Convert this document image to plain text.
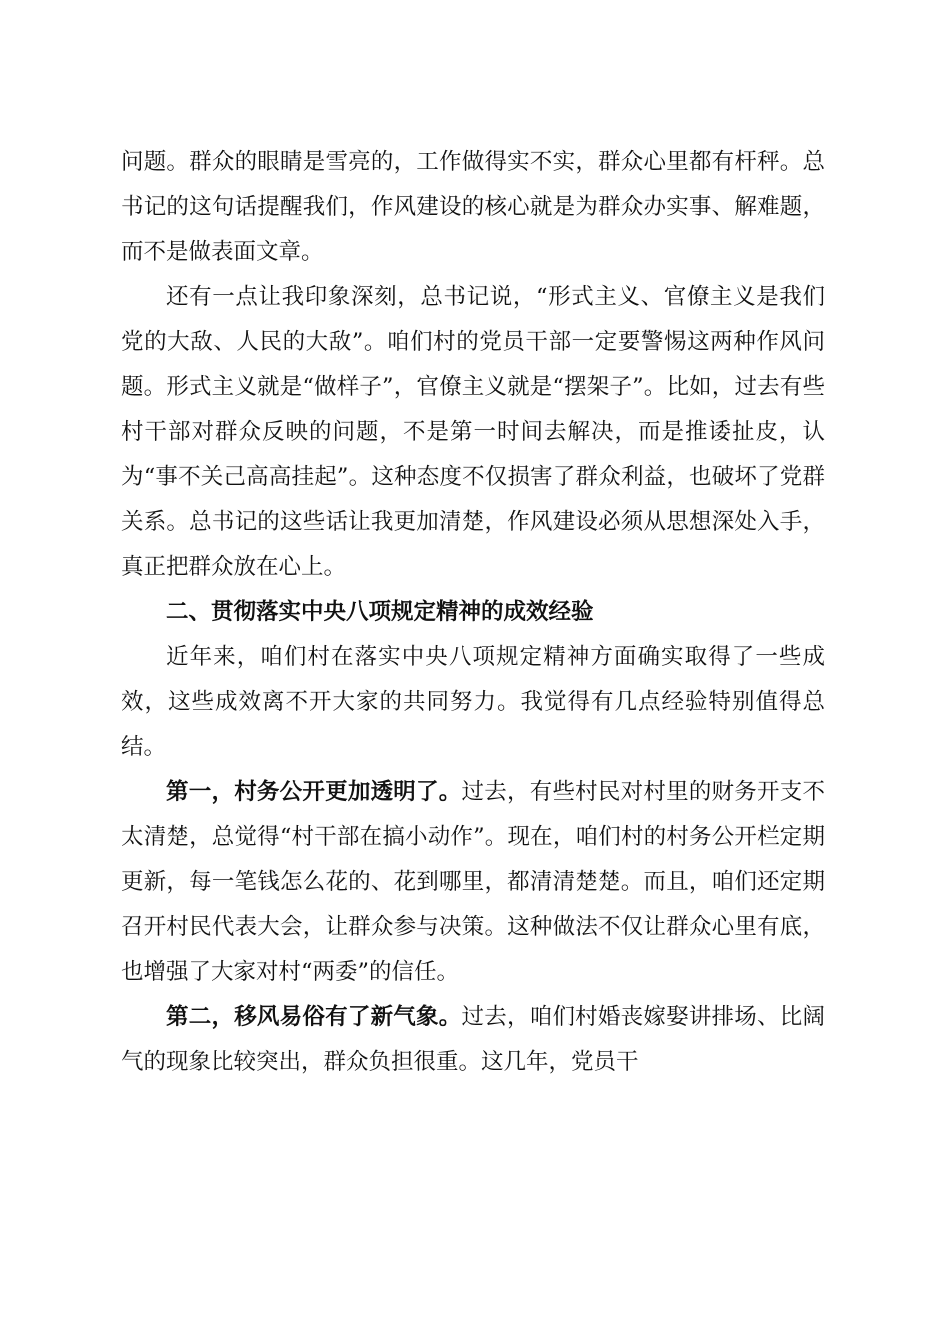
问题。群众的眼睛是雪亮的，工作做得实不实，群众心里都有杆秤。总书记的这句话提醒我们，作风建设的核心就是为群众办实事、解难题，而不是做表面文章。

还有一点让我印象深刻，总书记说，“形式主义、官僚主义是我们党的大敌、人民的大敌”。咱们村的党员干部一定要警惕这两种作风问题。形式主义就是“做样子”，官僚主义就是“摆架子”。比如，过去有些村干部对群众反映的问题，不是第一时间去解决，而是推诿扯皮，认为“事不关己高高挂起”。这种态度不仅损害了群众利益，也破坏了党群关系。总书记的这些话让我更加清楚，作风建设必须从思想深处入手，真正把群众放在心上。

二、贯彻落实中央八项规定精神的成效经验

近年来，咱们村在落实中央八项规定精神方面确实取得了一些成效，这些成效离不开大家的共同努力。我觉得有几点经验特别值得总结。

第一，村务公开更加透明了。过去，有些村民对村里的财务开支不太清楚，总觉得“村干部在搞小动作”。现在，咱们村的村务公开栏定期更新，每一笔钱怎么花的、花到哪里，都清清楚楚。而且，咱们还定期召开村民代表大会，让群众参与决策。这种做法不仅让群众心里有底，也增强了大家对村“两委”的信任。

第二，移风易俗有了新气象。过去，咱们村婚丧嫁娶讲排场、比阔气的现象比较突出，群众负担很重。这几年，党员干
